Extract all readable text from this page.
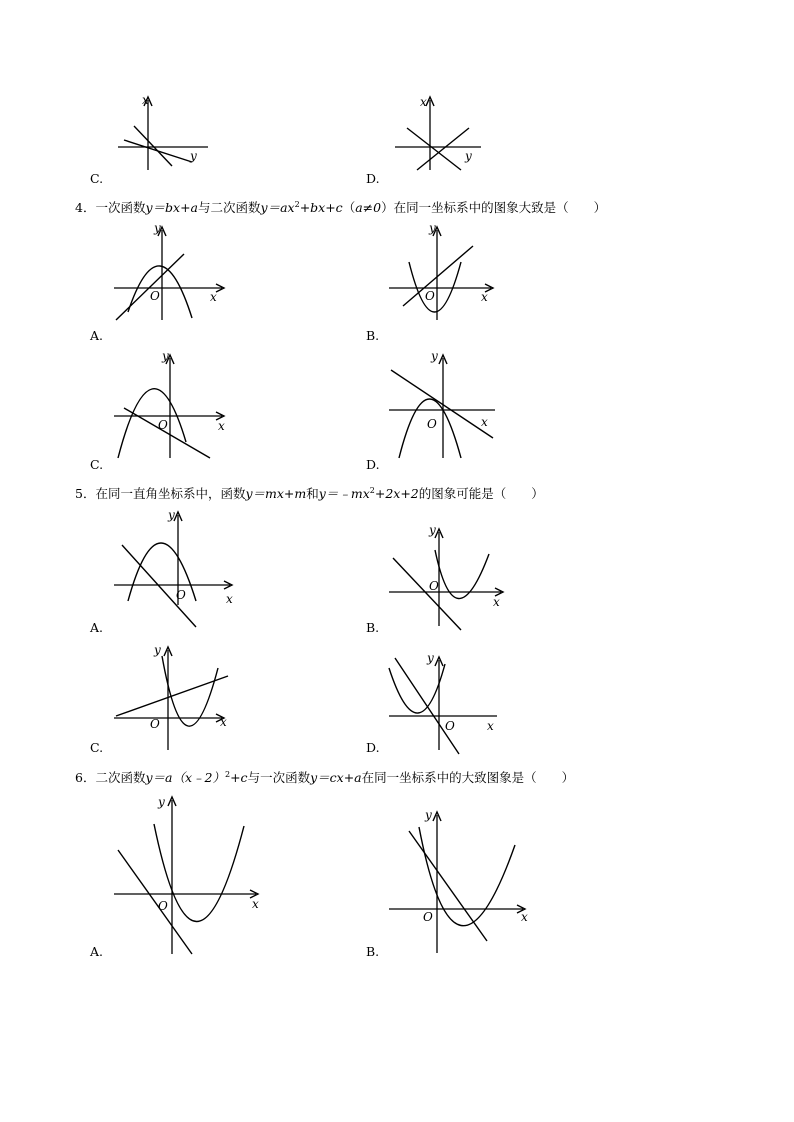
x
y
C.
x
y
D.
4．一次函数y＝bx+a与二次函数$y=ax^2+bx+c(a\ne 0)$在同一坐标系中的图象大致是（　　）
y
x
O
A.
y
x
O
B.
y
x
O
C.
y
x
O
D.
5．在同一直角坐标系中，函数y＝mx+m和$y=﹣mx^2+2x+2$的图象可能是（　　）
y
x
O
A.
y
x
O
B.
y
x
O
C.
y
x
O
D.
6．二次函数y＝a（x﹣2）$^2$+c与一次函数y＝cx+a在同一坐标系中的大致图象是（　　）
y
x
O
A.
y
x
O
B.
